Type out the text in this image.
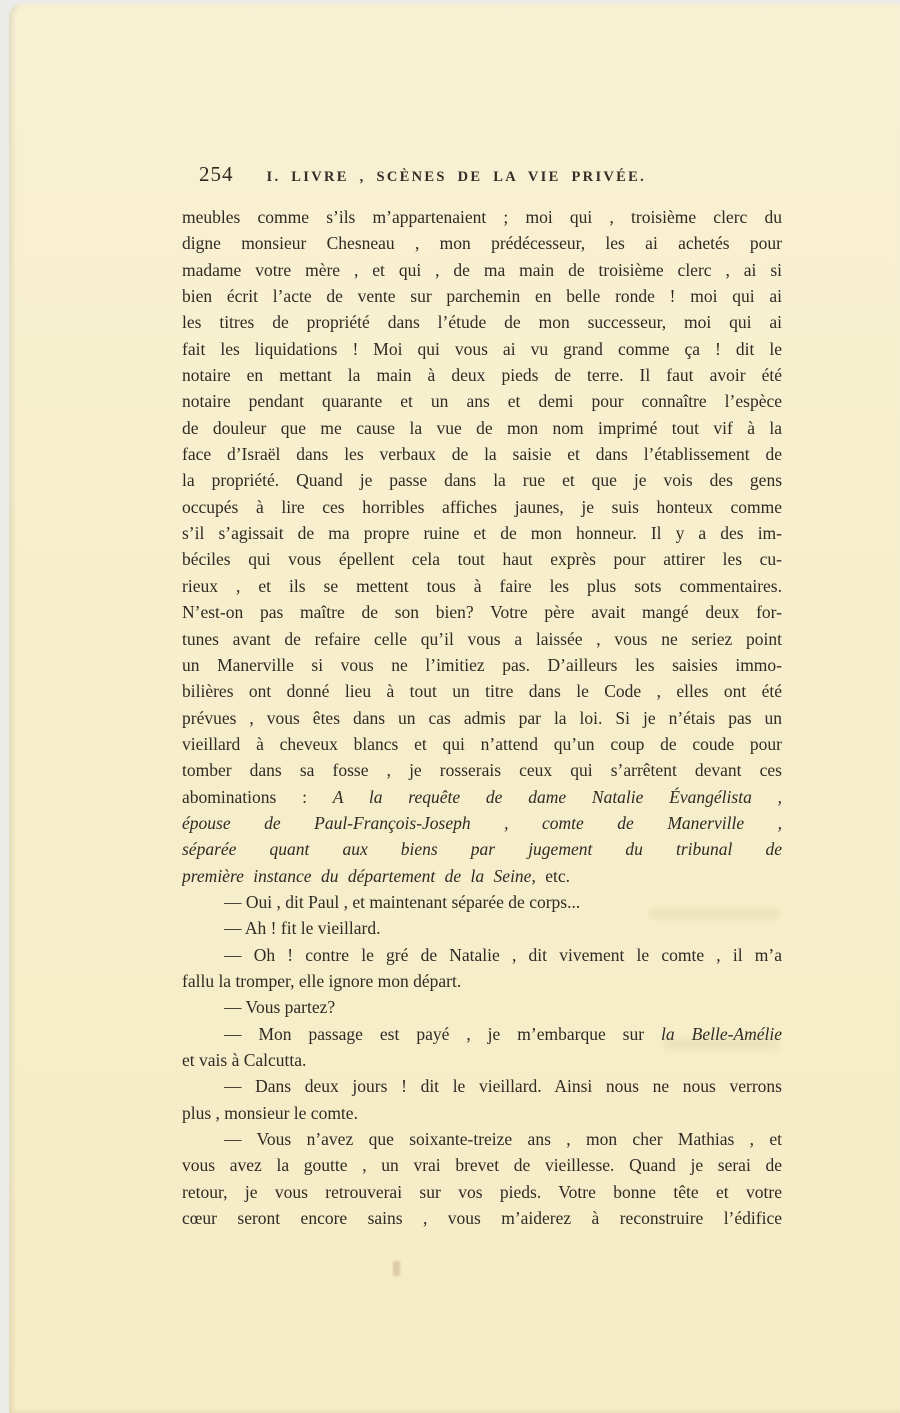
254 I. LIVRE , SCÈNES DE LA VIE PRIVÉE.
meubles comme s’ils m’appartenaient ; moi qui , troisième clerc du
digne monsieur Chesneau , mon prédécesseur, les ai achetés pour
madame votre mère , et qui , de ma main de troisième clerc , ai si
bien écrit l’acte de vente sur parchemin en belle ronde ! moi qui ai
les titres de propriété dans l’étude de mon successeur, moi qui ai
fait les liquidations ! Moi qui vous ai vu grand comme ça ! dit le
notaire en mettant la main à deux pieds de terre. Il faut avoir été
notaire pendant quarante et un ans et demi pour connaître l’espèce
de douleur que me cause la vue de mon nom imprimé tout vif à la
face d’Israël dans les verbaux de la saisie et dans l’établissement de
la propriété. Quand je passe dans la rue et que je vois des gens
occupés à lire ces horribles affiches jaunes, je suis honteux comme
s’il s’agissait de ma propre ruine et de mon honneur. Il y a des im-
béciles qui vous épellent cela tout haut exprès pour attirer les cu-
rieux , et ils se mettent tous à faire les plus sots commentaires.
N’est-on pas maître de son bien? Votre père avait mangé deux for-
tunes avant de refaire celle qu’il vous a laissée , vous ne seriez point
un Manerville si vous ne l’imitiez pas. D’ailleurs les saisies immo-
bilières ont donné lieu à tout un titre dans le Code , elles ont été
prévues , vous êtes dans un cas admis par la loi. Si je n’étais pas un
vieillard à cheveux blancs et qui n’attend qu’un coup de coude pour
tomber dans sa fosse , je rosserais ceux qui s’arrêtent devant ces
abominations : A la requête de dame Natalie Évangélista ,
épouse de Paul-François-Joseph , comte de Manerville ,
séparée quant aux biens par jugement du tribunal de
première instance du département de la Seine, etc.
— Oui , dit Paul , et maintenant séparée de corps...
— Ah ! fit le vieillard.
— Oh ! contre le gré de Natalie , dit vivement le comte , il m’a
fallu la tromper, elle ignore mon départ.
— Vous partez?
— Mon passage est payé , je m’embarque sur la Belle-Amélie
et vais à Calcutta.
— Dans deux jours ! dit le vieillard. Ainsi nous ne nous verrons
plus , monsieur le comte.
— Vous n’avez que soixante-treize ans , mon cher Mathias , et
vous avez la goutte , un vrai brevet de vieillesse. Quand je serai de
retour, je vous retrouverai sur vos pieds. Votre bonne tête et votre
cœur seront encore sains , vous m’aiderez à reconstruire l’édifice
